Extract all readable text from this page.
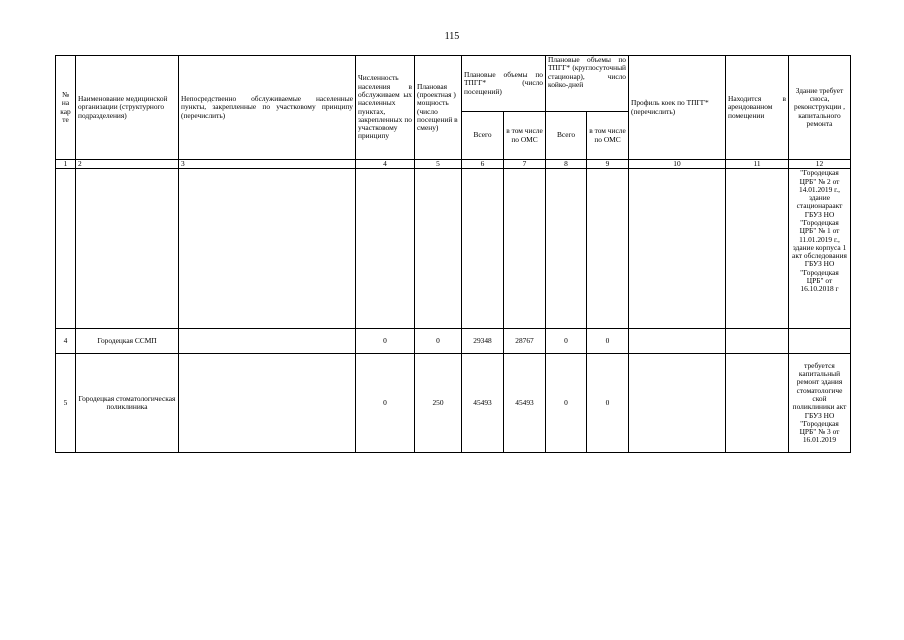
115
№ на кар те	Наименование медицинской организации (структурного подразделения)	Непосредственно обслуживаемые населенные пункты, закрепленные по участковому принципу (перечислить)	Численность населения в обслуживаем ых населенных пунктах, закрепленных по участковому принципу	Плановая (проектная ) мощность (число посещений в смену)	Плановые объемы по ТПГГ* (число посещений)		Плановые объемы по ТПГГ* (круглосуточный стационар), число койко-дней		Профиль коек по ТПГГ* (перечислить)	Находится в арендованном помещении	Здание требует сноса, реконструкции , капитального ремонта
					Всего	в том числе по ОМС	Всего	в том числе по ОМС			
1	2	3	4	5	6	7	8	9	10	11	12
											"Городецкая ЦРБ" № 2 от 14.01.2019 г., здание стационараакт ГБУЗ НО "Городецкая ЦРБ" № 1 от 11.01.2019 г., здание корпуса 1 акт обследования ГБУЗ НО "Городецкая ЦРБ" от 16.10.2018 г
4	Городецкая ССМП		0	0	29348	28767	0	0			
5	Городецкая стоматологическая поликлиника		0	250	45493	45493	0	0			требуется капитальный ремонт здания стоматологиче ской поликлиники акт ГБУЗ НО "Городецкая ЦРБ" № 3 от 16.01.2019
